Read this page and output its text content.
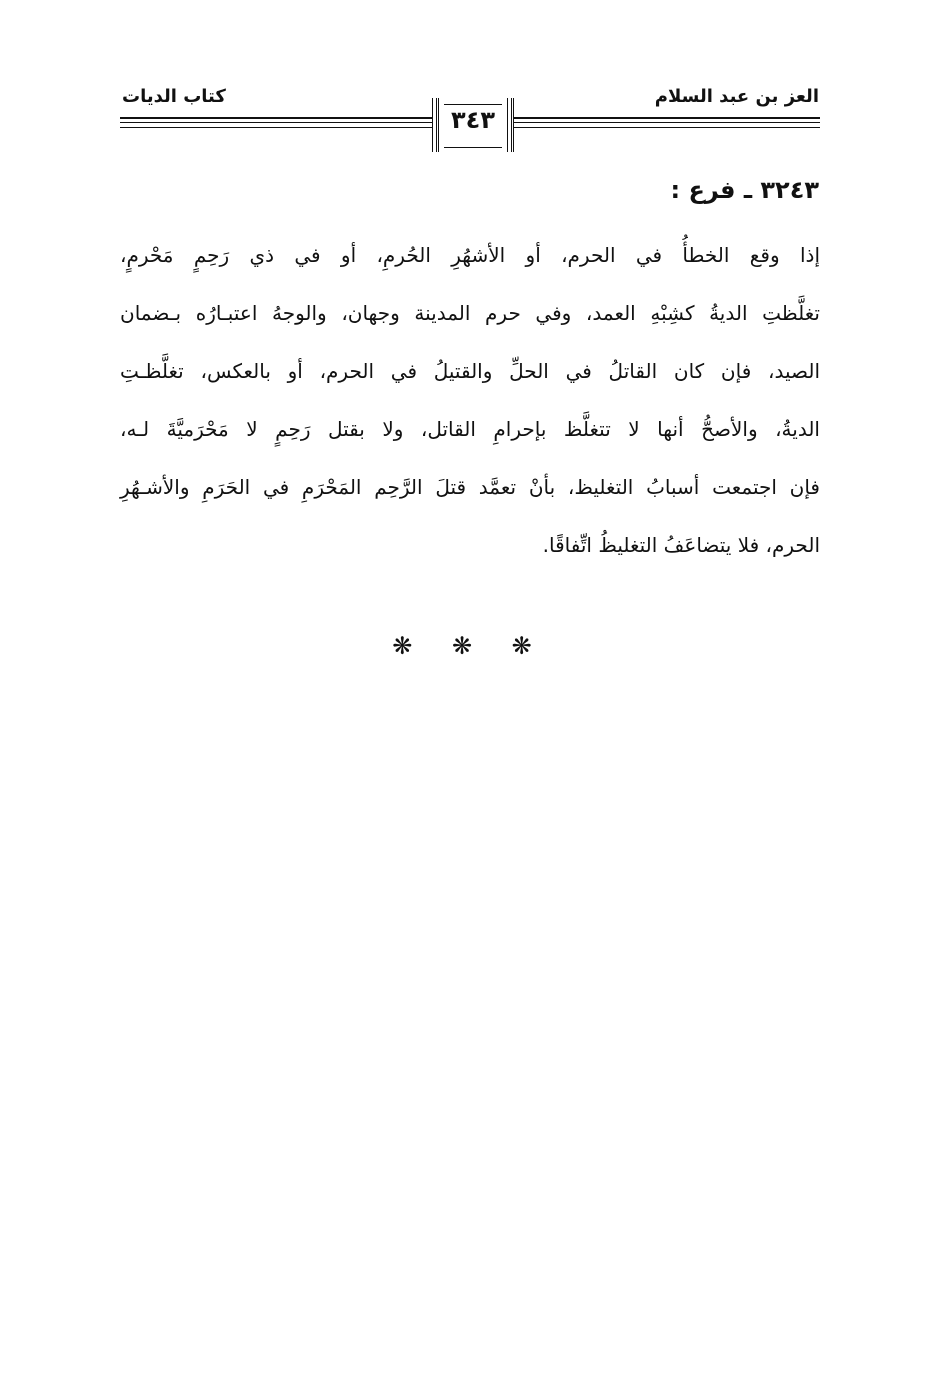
العز بن عبد السلام
كتاب الديات
٣٤٣
٣٢٤٣ ـ فرع :
إذا وقع الخطأُ في الحرم، أو الأشهُرِ الحُرمِ، أو في ذي رَحِمٍ مَحْرمٍ،
تغلَّظتِ الديةُ كشِبْهِ العمد، وفي حرم المدينة وجهان، والوجهُ اعتبـارُه بـضمان
الصيد، فإن كان القاتلُ في الحلِّ والقتيلُ في الحرم، أو بالعكس، تغلَّظـتِ
الديةُ، والأصحُّ أنها لا تتغلَّظ بإحرامِ القاتل، ولا بقتل رَحِمٍ لا مَحْرَميَّةَ لـه،
فإن اجتمعت أسبابُ التغليظ، بأنْ تعمَّد قتلَ الرَّحِم المَحْرَمِ في الحَرَمِ والأشـهُرِ
الحرم، فلا يتضاعَفُ التغليظُ اتِّفاقًا.
❋ ❋ ❋
